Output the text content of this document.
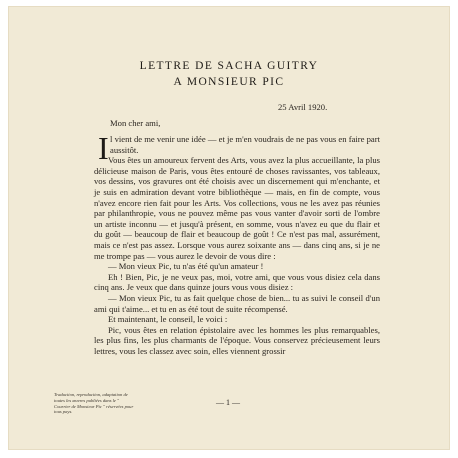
LETTRE DE SACHA GUITRY
A MONSIEUR PIC
25 Avril 1920.
Mon cher ami,
I l vient de me venir une idée — et je m'en voudrais de ne pas vous en faire part aussitôt.

Vous êtes un amoureux fervent des Arts, vous avez la plus accueillante, la plus délicieuse maison de Paris, vous êtes entouré de choses ravissantes, vos tableaux, vos dessins, vos gravures ont été choisis avec un discernement qui m'enchante, et je suis en admiration devant votre bibliothèque — mais, en fin de compte, vous n'avez encore rien fait pour les Arts. Vos collections, vous ne les avez pas réunies par philanthropie, vous ne pouvez même pas vous vanter d'avoir sorti de l'ombre un artiste inconnu — et jusqu'à présent, en somme, vous n'avez eu que du flair et du goût — beaucoup de flair et beaucoup de goût ! Ce n'est pas mal, assurément, mais ce n'est pas assez. Lorsque vous aurez soixante ans — dans cinq ans, si je ne me trompe pas — vous aurez le devoir de vous dire :

— Mon vieux Pic, tu n'as été qu'un amateur !

Eh ! Bien, Pic, je ne veux pas, moi, votre ami, que vous vous disiez cela dans cinq ans. Je veux que dans quinze jours vous vous disiez :

— Mon vieux Pic, tu as fait quelque chose de bien... tu as suivi le conseil d'un ami qui t'aime... et tu en as été tout de suite récompensé.

Et maintenant, le conseil, le voici :

Pic, vous êtes en relation épistolaire avec les hommes les plus remarquables, les plus fins, les plus charmants de l'époque. Vous conservez précieusement leurs lettres, vous les classez avec soin, elles viennent grossir

Traduction, reproduction, adaptation de toutes les œuvres publiées dans le " Courrier de Monsieur Pic " réservées pour tous pays.
— 1 —
